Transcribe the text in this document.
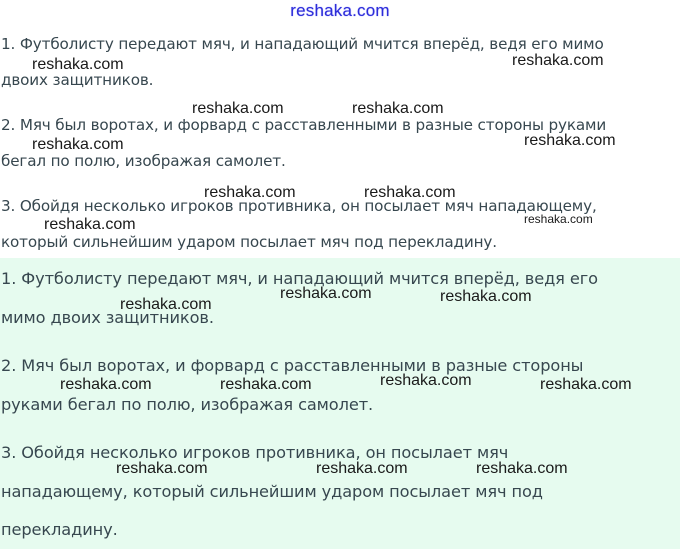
1. Футболисту передают мяч, и нападающий мчится вперёд, ведя его мимо
двоих защитников.
2. Мяч был воротах, и форвард с расставленными в разные стороны руками
бегал по полю, изображая самолет.
3. Обойдя несколько игроков противника, он посылает мяч нападающему,
который сильнейшим ударом посылает мяч под перекладину.
1. Футболисту передают мяч, и нападающий мчится вперёд, ведя его
мимо двоих защитников.
2. Мяч был воротах, и форвард с расставленными в разные стороны
руками бегал по полю, изображая самолет.
3. Обойдя несколько игроков противника, он посылает мяч
нападающему, который сильнейшим ударом посылает мяч под
перекладину.
reshaka.com
reshaka.com	reshaka.com
reshaka.com	reshaka.com
reshaka.com	reshaka.com
reshaka.com	reshaka.com
reshaka.com
reshaka.com
reshaka.com	reshaka.com
reshaka.com
reshaka.com
reshaka.com	reshaka.com	reshaka.com
reshaka.com	reshaka.com	reshaka.com
